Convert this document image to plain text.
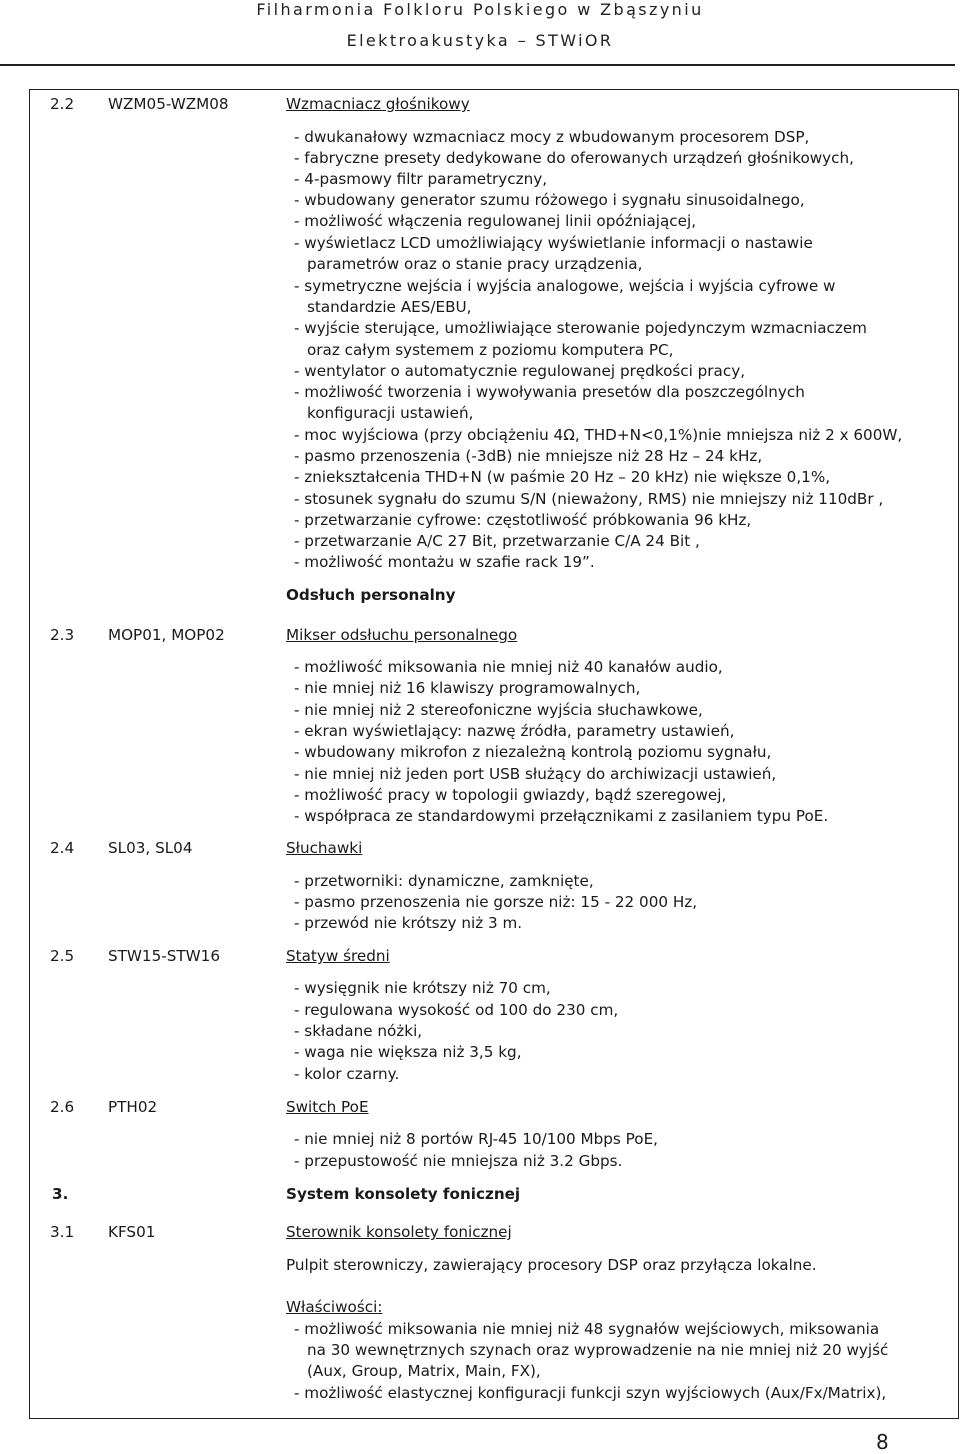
Filharmonia Folkloru Polskiego w Zbąszyniu
Elektroakustyka – STWiOR
2.2 WZM05-WZM08	Wzmacniacz głośnikowy
- dwukanałowy wzmacniacz mocy z wbudowanym procesorem DSP,
- fabryczne presety dedykowane do oferowanych urządzeń głośnikowych,
- 4-pasmowy filtr parametryczny,
- wbudowany generator szumu różowego i sygnału sinusoidalnego,
- możliwość włączenia regulowanej linii opóźniającej,
- wyświetlacz LCD umożliwiający wyświetlanie informacji o nastawie
parametrów oraz o stanie pracy urządzenia,
- symetryczne wejścia i wyjścia analogowe, wejścia i wyjścia cyfrowe w
standardzie AES/EBU,
- wyjście sterujące, umożliwiające sterowanie pojedynczym wzmacniaczem
oraz całym systemem z poziomu komputera PC,
- wentylator o automatycznie regulowanej prędkości pracy,
- możliwość tworzenia i wywoływania presetów dla poszczególnych
konfiguracji ustawień,
- moc wyjściowa (przy obciążeniu 4Ω, THD+N<0,1%)nie mniejsza niż 2 x 600W,
- pasmo przenoszenia (-3dB) nie mniejsze niż 28 Hz – 24 kHz,
- zniekształcenia THD+N (w paśmie 20 Hz – 20 kHz) nie większe 0,1%,
- stosunek sygnału do szumu S/N (nieważony, RMS) nie mniejszy niż 110dBr ,
- przetwarzanie cyfrowe: częstotliwość próbkowania 96 kHz,
- przetwarzanie A/C 27 Bit, przetwarzanie C/A 24 Bit ,
- możliwość montażu w szafie rack 19”.
Odsłuch personalny
2.3 MOP01, MOP02	Mikser odsłuchu personalnego
- możliwość miksowania nie mniej niż 40 kanałów audio,
- nie mniej niż 16 klawiszy programowalnych,
- nie mniej niż 2 stereofoniczne wyjścia słuchawkowe,
- ekran wyświetlający: nazwę źródła, parametry ustawień,
- wbudowany mikrofon z niezależną kontrolą poziomu sygnału,
- nie mniej niż jeden port USB służący do archiwizacji ustawień,
- możliwość pracy w topologii gwiazdy, bądź szeregowej,
- współpraca ze standardowymi przełącznikami z zasilaniem typu PoE.
2.4 SL03, SL04	Słuchawki
- przetworniki: dynamiczne, zamknięte,
- pasmo przenoszenia nie gorsze niż: 15 - 22 000 Hz,
- przewód nie krótszy niż 3 m.
2.5 STW15-STW16	Statyw średni
- wysięgnik nie krótszy niż 70 cm,
- regulowana wysokość od 100 do 230 cm,
- składane nóżki,
- waga nie większa niż 3,5 kg,
- kolor czarny.
2.6 PTH02	Switch PoE
- nie mniej niż 8 portów RJ-45 10/100 Mbps PoE,
- przepustowość nie mniejsza niż 3.2 Gbps.
3.	System konsolety fonicznej
3.1 KFS01	Sterownik konsolety fonicznej
Pulpit sterowniczy, zawierający procesory DSP oraz przyłącza lokalne.
Właściwości:
- możliwość miksowania nie mniej niż 48 sygnałów wejściowych, miksowania
na 30 wewnętrznych szynach oraz wyprowadzenie na nie mniej niż 20 wyjść
(Aux, Group, Matrix, Main, FX),
- możliwość elastycznej konfiguracji funkcji szyn wyjściowych (Aux/Fx/Matrix),
8
